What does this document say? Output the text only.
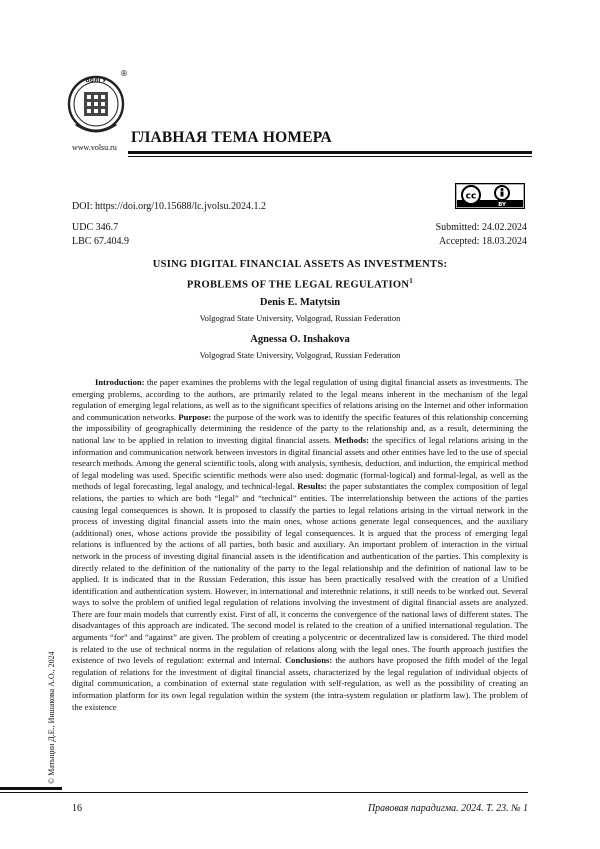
ВолГУ
®
www.volsu.ru
ГЛАВНАЯ ТЕМА НОМЕРА
cc
BY
DOI: https://doi.org/10.15688/lc.jvolsu.2024.1.2
UDC 346.7
LBC 67.404.9
Submitted: 24.02.2024
Accepted: 18.03.2024
USING DIGITAL FINANCIAL ASSETS AS INVESTMENTS:
PROBLEMS OF THE LEGAL REGULATION$^1$
Denis E. Matytsin
Volgograd State University, Volgograd, Russian Federation
Agnessa O. Inshakova
Volgograd State University, Volgograd, Russian Federation

Introduction: the paper examines the problems with the legal regulation of using digital financial assets as investments. The emerging problems, according to the authors, are primarily related to the legal means inherent in the mechanism of the legal regulation of emerging legal relations, as well as to the significant specifics of relations arising on the Internet and other information and communication networks. Purpose: the purpose of the work was to identify the specific features of this relationship concerning the impossibility of geographically determining the residence of the party to the relationship and, as a result, determining the national law to be applied in relation to investing digital financial assets. Methods: the specifics of legal relations arising in the information and communication network between investors in digital financial assets and other entities have led to the use of special research methods. Among the general scientific tools, along with analysis, synthesis, deduction, and induction, the empirical method of legal modeling was used. Specific scientific methods were also used: dogmatic (formal-logical) and formal-legal, as well as the methods of legal forecasting, legal analogy, and technical-legal. Results: the paper substantiates the complex composition of legal relations, the parties to which are both “legal” and “technical” entities. The interrelationship between the actions of the parties causing legal consequences is shown. It is proposed to classify the parties to legal relations arising in the virtual network in the process of investing digital financial assets into the main ones, whose actions generate legal consequences, and the auxiliary (additional) ones, whose actions provide the possibility of legal consequences. It is argued that the process of emerging legal relations is influenced by the actions of all parties, both basic and auxiliary. An important problem of interaction in the virtual network in the process of investing digital financial assets is the identification and authentication of the parties. This complexity is directly related to the definition of the nationality of the party to the legal relationship and the definition of national law to be applied. It is indicated that in the Russian Federation, this issue has been practically resolved with the creation of a Unified identification and authentication system. However, in international and interethnic relations, it still needs to be worked out. Several ways to solve the problem of unified legal regulation of relations involving the investment of digital financial assets are analyzed. There are four main models that currently exist. First of all, it concerns the convergence of the national laws of different states. The disadvantages of this approach are indicated. The second model is related to the creation of a unified international regulation. The arguments “for” and “against” are given. The problem of creating a polycentric or decentralized law is considered. The third model is related to the use of technical norms in the regulation of relations along with the legal ones. The fourth approach justifies the existence of two levels of regulation: external and internal. Conclusions: the authors have proposed the fifth model of the legal regulation of relations for the investment of digital financial assets, characterized by the legal regulation of individual objects of digital communication, a combination of external state regulation with self-regulation, as well as the possibility of creating an information platform for its own legal regulation within the system (the intra-system regulation or platform law). The problem of the existence

© Матыцин Д.Е., Иншакова А.О., 2024
16	Правовая парадигма. 2024. Т. 23. № 1
